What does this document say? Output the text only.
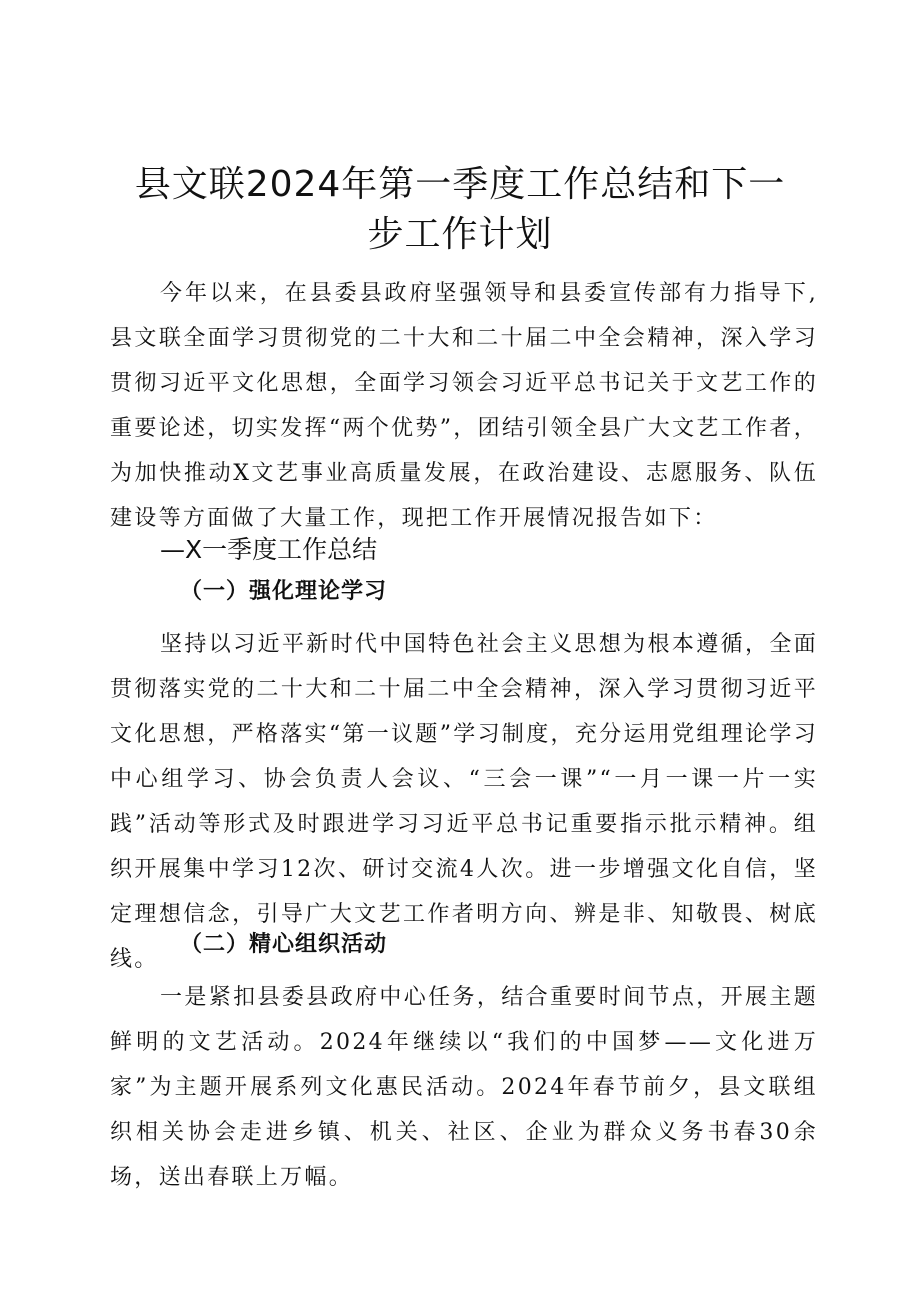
县文联2024年第一季度工作总结和下一步工作计划

今年以来，在县委县政府坚强领导和县委宣传部有力指导下,县文联全面学习贯彻党的二十大和二十届二中全会精神，深入学习贯彻习近平文化思想，全面学习领会习近平总书记关于文艺工作的重要论述，切实发挥“两个优势”，团结引领全县广大文艺工作者，为加快推动X文艺事业高质量发展，在政治建设、志愿服务、队伍建设等方面做了大量工作，现把工作开展情况报告如下：

—X一季度工作总结
（一）强化理论学习

坚持以习近平新时代中国特色社会主义思想为根本遵循，全面贯彻落实党的二十大和二十届二中全会精神，深入学习贯彻习近平文化思想，严格落实“第一议题”学习制度，充分运用党组理论学习中心组学习、协会负责人会议、“三会一课”“一月一课一片一实践”活动等形式及时跟进学习习近平总书记重要指示批示精神。组织开展集中学习12次、研讨交流4人次。进一步增强文化自信，坚定理想信念，引导广大文艺工作者明方向、辨是非、知敬畏、树底线。

（二）精心组织活动

一是紧扣县委县政府中心任务，结合重要时间节点，开展主题鲜明的文艺活动。2024年继续以“我们的中国梦——文化进万家”为主题开展系列文化惠民活动。2024年春节前夕，县文联组织相关协会走进乡镇、机关、社区、企业为群众义务书春30余场，送出春联上万幅。
